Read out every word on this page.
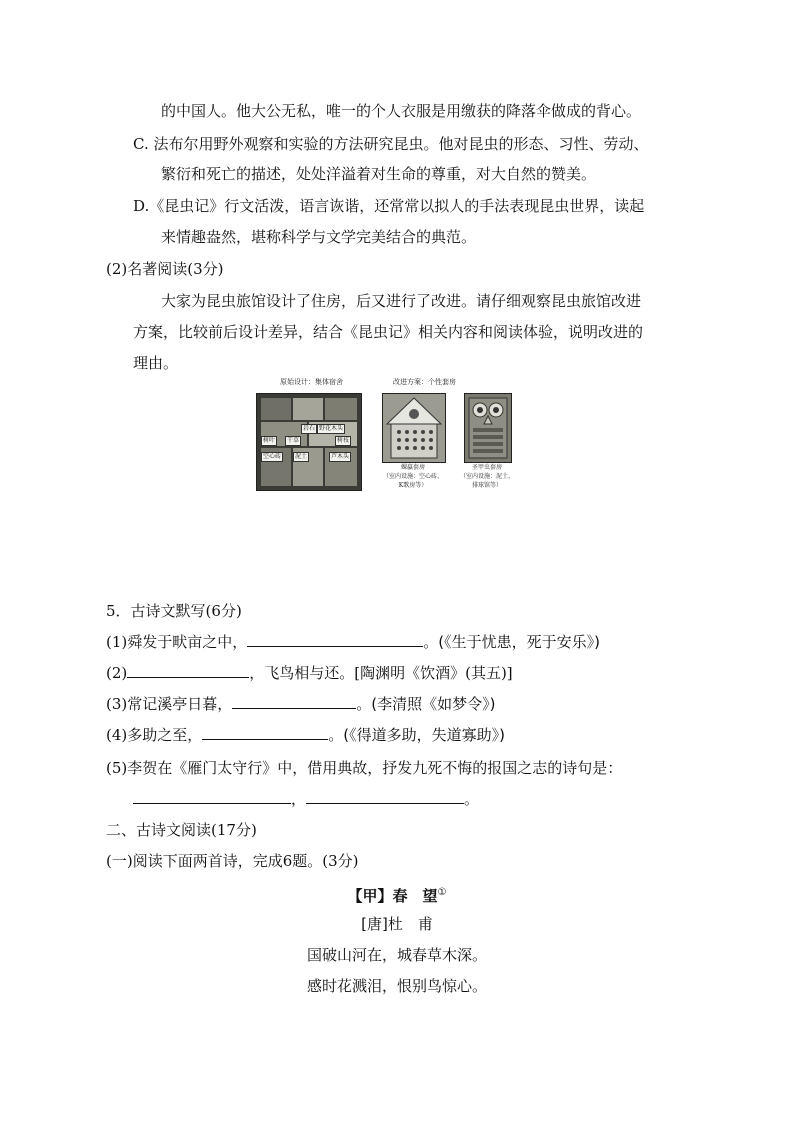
的中国人。他大公无私，唯一的个人衣服是用缴获的降落伞做成的背心。
C. 法布尔用野外观察和实验的方法研究昆虫。他对昆虫的形态、习性、劳动、
繁衍和死亡的描述，处处洋溢着对生命的尊重，对大自然的赞美。
D.《昆虫记》行文活泼，语言诙谐，还常常以拟人的手法表现昆虫世界，读起
来情趣盎然，堪称科学与文学完美结合的典范。
(2)名著阅读(3分)
大家为昆虫旅馆设计了住房，后又进行了改进。请仔细观察昆虫旅馆改进
方案，比较前后设计差异，结合《昆虫记》相关内容和阅读体验，说明改进的
理由。
原始设计：集体宿舍	改进方案：个性套房
岩石 野花木头
树叶	干草	树枝
空心砖	泥土	芦木头
蜾蠃套房
（室内设施：空心砖、
K歌房等）
圣甲虫套房
（室内设施：泥土、
排球馆等）
5．古诗文默写(6分)
(1)舜发于畎亩之中，	。(《生于忧患，死于安乐》)
(2)	，飞鸟相与还。[陶渊明《饮酒》(其五)]
(3)常记溪亭日暮，	。(李清照《如梦令》)
(4)多助之至，	。(《得道多助，失道寡助》)
(5)李贺在《雁门太守行》中，借用典故，抒发九死不悔的报国之志的诗句是：
，	。
二、古诗文阅读(17分)
(一)阅读下面两首诗，完成6题。(3分)
【甲】春　望①
[唐]杜　甫
国破山河在，城春草木深。
感时花溅泪，恨别鸟惊心。
